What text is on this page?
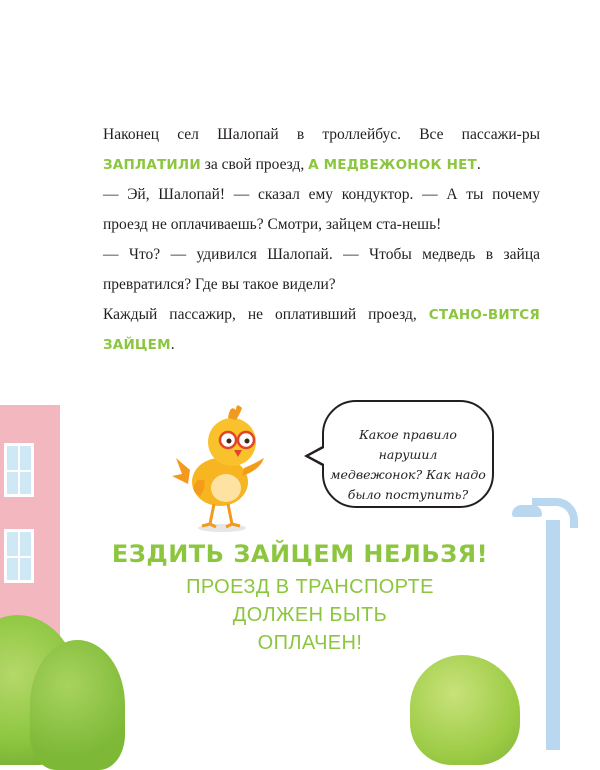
Наконец сел Шалопай в троллейбус. Все пассажи-ры ЗАПЛАТИЛИ за свой проезд, А МЕДВЕЖОНОК НЕТ.

— Эй, Шалопай! — сказал ему кондуктор. — А ты почему проезд не оплачиваешь? Смотри, зайцем ста-нешь!

— Что? — удивился Шалопай. — Чтобы медведь в зайца превратился? Где вы такое видели?

Каждый пассажир, не оплативший проезд, СТАНО-ВИТСЯ ЗАЙЦЕМ.

Какое правило нарушил
медвежонок? Как надо
было поступить?
ЕЗДИТЬ ЗАЙЦЕМ НЕЛЬЗЯ!
ПРОЕЗД В ТРАНСПОРТЕ ДОЛЖЕН БЫТЬ
ОПЛАЧЕН!
